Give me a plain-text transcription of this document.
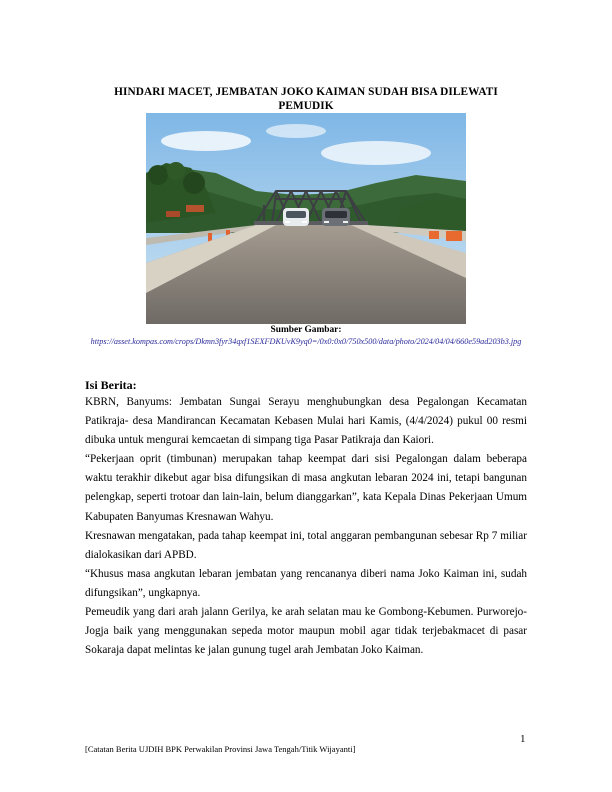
HINDARI MACET, JEMBATAN JOKO KAIMAN SUDAH BISA DILEWATI PEMUDIK
Sumber Gambar:
https://asset.kompas.com/crops/Dkmn3fyr34qxf1SEXFDKUvK9yq0=/0x0:0x0/750x500/data/photo/2024/04/04/660e59ad203b3.jpg
Isi Berita:

KBRN, Banyums: Jembatan Sungai Serayu menghubungkan desa Pegalongan Kecamatan Patikraja- desa Mandirancan Kecamatan Kebasen Mulai hari Kamis, (4/4/2024) pukul 00 resmi dibuka untuk mengurai kemcaetan di simpang tiga Pasar Patikraja dan Kaiori.

“Pekerjaan oprit (timbunan) merupakan tahap keempat dari sisi Pegalongan dalam beberapa waktu terakhir dikebut agar bisa difungsikan di masa angkutan lebaran 2024 ini, tetapi bangunan pelengkap, seperti trotoar dan lain-lain, belum dianggarkan”, kata Kepala Dinas Pekerjaan Umum Kabupaten Banyumas Kresnawan Wahyu.

Kresnawan mengatakan, pada tahap keempat ini, total anggaran pembangunan sebesar Rp 7 miliar dialokasikan dari APBD.

“Khusus masa angkutan lebaran jembatan yang rencananya diberi nama Joko Kaiman ini, sudah difungsikan”, ungkapnya.

Pemeudik yang dari arah jalann Gerilya, ke arah selatan mau ke Gombong-Kebumen. Purworejo-Jogja baik yang menggunakan sepeda motor maupun mobil agar tidak terjebakmacet di pasar Sokaraja dapat melintas ke jalan gunung tugel arah Jembatan Joko Kaiman.

1
[Catatan Berita UJDIH BPK Perwakilan Provinsi Jawa Tengah/Titik Wijayanti]
